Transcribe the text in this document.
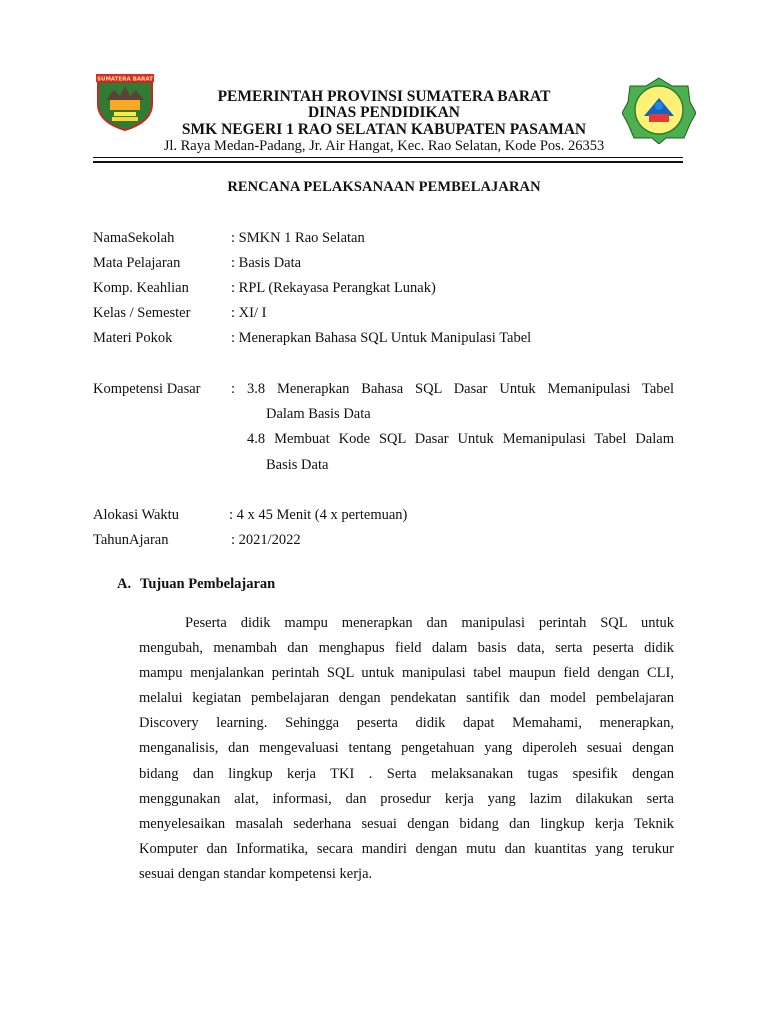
SUMATERA BARAT
PEMERINTAH PROVINSI SUMATERA BARAT
DINAS PENDIDIKAN
SMK NEGERI 1 RAO SELATAN KABUPATEN PASAMAN
Jl. Raya Medan-Padang, Jr. Air Hangat, Kec. Rao Selatan, Kode Pos. 26353
RENCANA PELAKSANAAN PEMBELAJARAN
NamaSekolah	: SMKN 1 Rao Selatan
Mata Pelajaran	: Basis Data
Komp. Keahlian	: RPL (Rekayasa Perangkat Lunak)
Kelas / Semester	: XI/ I
Materi Pokok	: Menerapkan Bahasa SQL Untuk Manipulasi Tabel
Kompetensi Dasar : 3.8 Menerapkan Bahasa SQL Dasar Untuk Memanipulasi Tabel
Dalam Basis Data
4.8 Membuat Kode SQL Dasar Untuk Memanipulasi Tabel Dalam
Basis Data
Alokasi Waktu	: 4 x 45 Menit (4 x pertemuan)
TahunAjaran	: 2021/2022
A. Tujuan Pembelajaran
Peserta didik mampu menerapkan dan manipulasi perintah SQL untuk
mengubah, menambah dan menghapus field dalam basis data, serta peserta didik
mampu menjalankan perintah SQL untuk manipulasi tabel maupun field dengan CLI,
melalui kegiatan pembelajaran dengan pendekatan santifik dan model pembelajaran
Discovery learning. Sehingga peserta didik dapat Memahami, menerapkan,
menganalisis, dan mengevaluasi tentang pengetahuan yang diperoleh sesuai dengan
bidang dan lingkup kerja TKI . Serta melaksanakan tugas spesifik dengan
menggunakan alat, informasi, dan prosedur kerja yang lazim dilakukan serta
menyelesaikan masalah sederhana sesuai dengan bidang dan lingkup kerja Teknik
Komputer dan Informatika, secara mandiri dengan mutu dan kuantitas yang terukur
sesuai dengan standar kompetensi kerja.
